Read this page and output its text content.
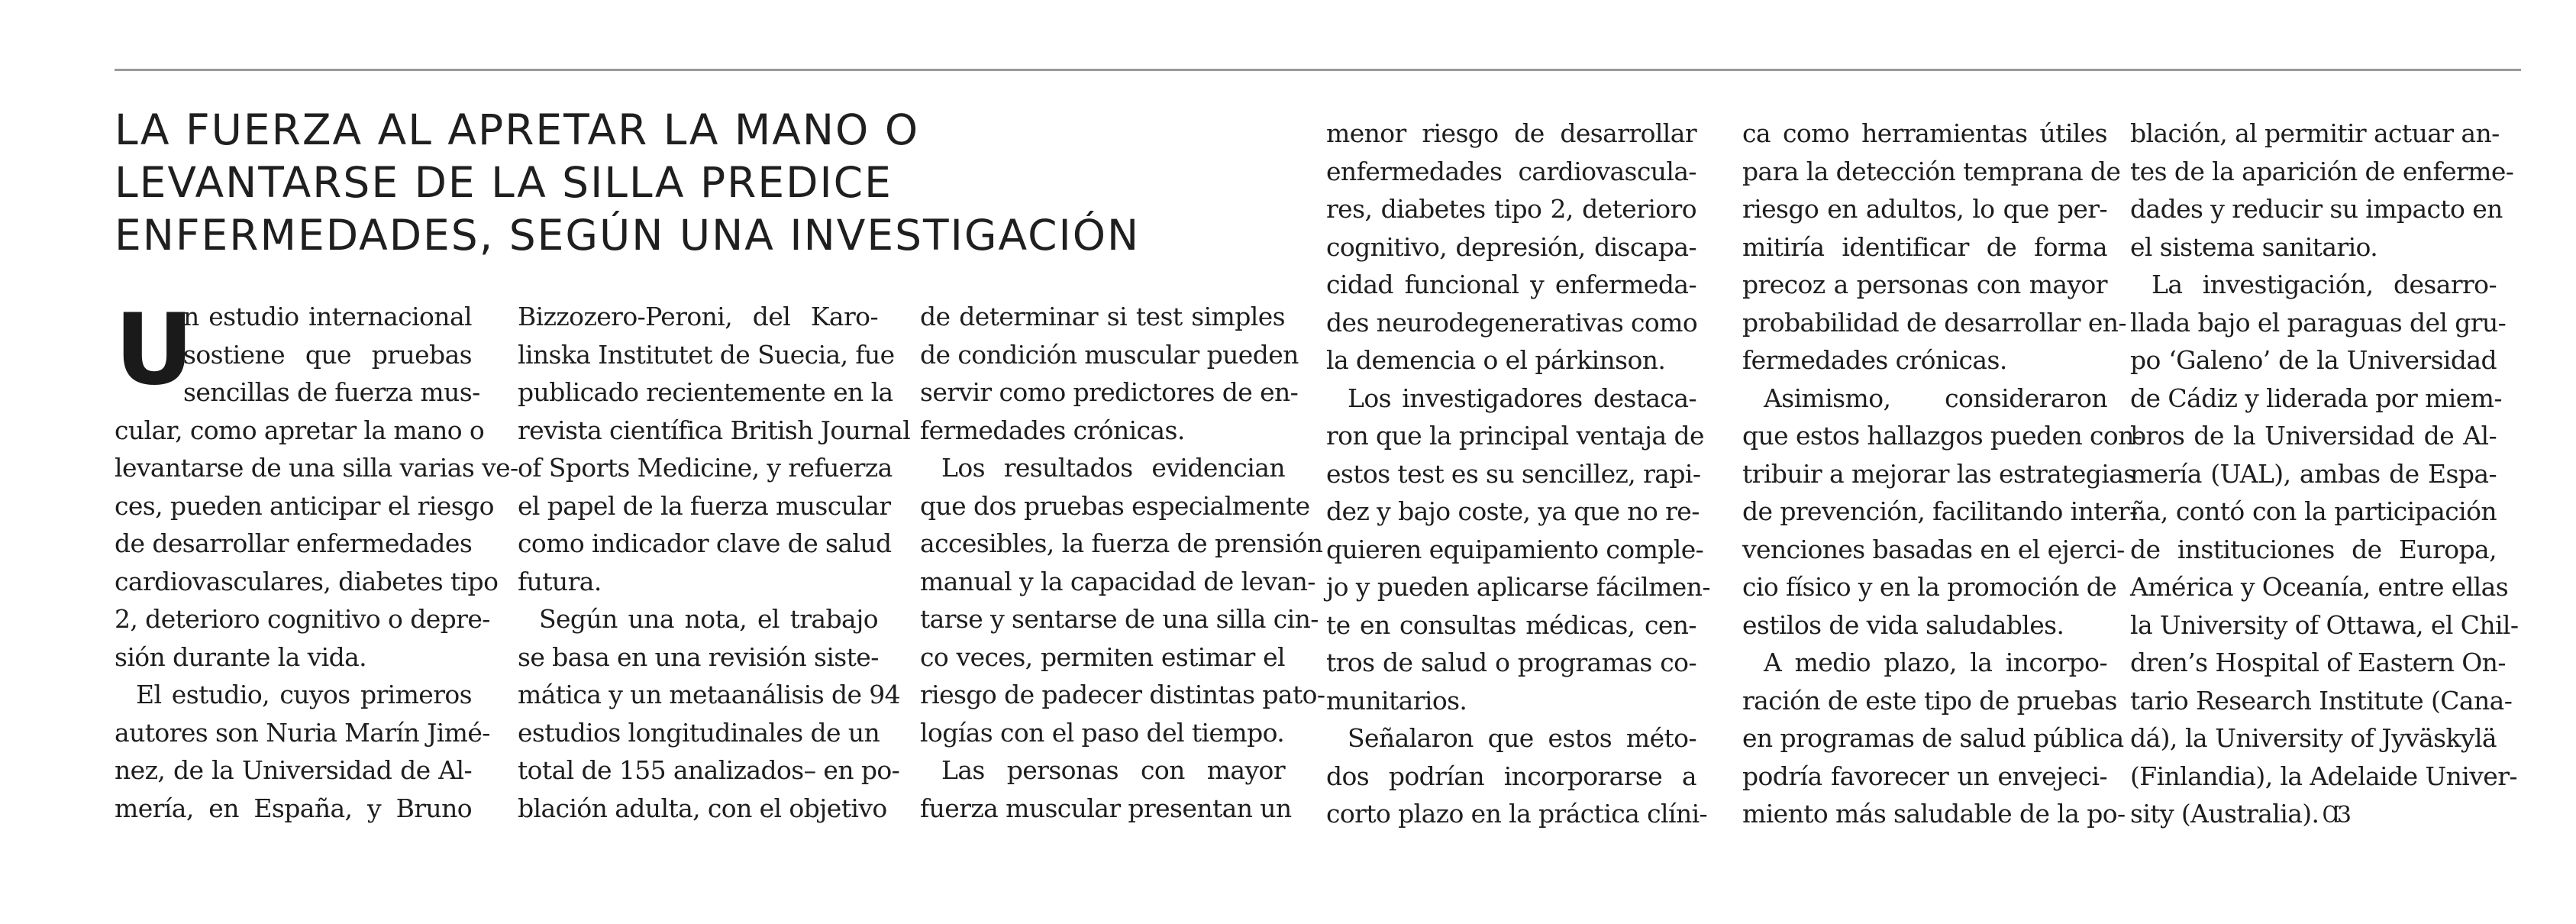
LA FUERZA AL APRETAR LA MANO O
LEVANTARSE DE LA SILLA PREDICE
ENFERMEDADES, SEGÚN UNA INVESTIGACIÓN
U
n estudio internacional
sostiene que pruebas
sencillas de fuerza mus-
cular, como apretar la mano o
levantarse de una silla varias ve-
ces, pueden anticipar el riesgo
de desarrollar enfermedades
cardiovasculares, diabetes tipo
2, deterioro cognitivo o depre-
sión durante la vida.
El estudio, cuyos primeros
autores son Nuria Marín Jimé-
nez, de la Universidad de Al-
mería, en España, y Bruno
Bizzozero-Peroni, del Karo-
linska Institutet de Suecia, fue
publicado recientemente en la
revista científica British Journal
of Sports Medicine, y refuerza
el papel de la fuerza muscular
como indicador clave de salud
futura.
Según una nota, el trabajo
se basa en una revisión siste-
mática y un metaanálisis de 94
estudios longitudinales de un
total de 155 analizados– en po-
blación adulta, con el objetivo
de determinar si test simples
de condición muscular pueden
servir como predictores de en-
fermedades crónicas.
Los resultados evidencian
que dos pruebas especialmente
accesibles, la fuerza de prensión
manual y la capacidad de levan-
tarse y sentarse de una silla cin-
co veces, permiten estimar el
riesgo de padecer distintas pato-
logías con el paso del tiempo.
Las personas con mayor
fuerza muscular presentan un
menor riesgo de desarrollar
enfermedades cardiovascula-
res, diabetes tipo 2, deterioro
cognitivo, depresión, discapa-
cidad funcional y enfermeda-
des neurodegenerativas como
la demencia o el párkinson.
Los investigadores destaca-
ron que la principal ventaja de
estos test es su sencillez, rapi-
dez y bajo coste, ya que no re-
quieren equipamiento comple-
jo y pueden aplicarse fácilmen-
te en consultas médicas, cen-
tros de salud o programas co-
munitarios.
Señalaron que estos méto-
dos podrían incorporarse a
corto plazo en la práctica clíni-
ca como herramientas útiles
para la detección temprana de
riesgo en adultos, lo que per-
mitiría identificar de forma
precoz a personas con mayor
probabilidad de desarrollar en-
fermedades crónicas.
Asimismo, consideraron
que estos hallazgos pueden con-
tribuir a mejorar las estrategias
de prevención, facilitando inter-
venciones basadas en el ejerci-
cio físico y en la promoción de
estilos de vida saludables.
A medio plazo, la incorpo-
ración de este tipo de pruebas
en programas de salud pública
podría favorecer un envejeci-
miento más saludable de la po-
blación, al permitir actuar an-
tes de la aparición de enferme-
dades y reducir su impacto en
el sistema sanitario.
La investigación, desarro-
llada bajo el paraguas del gru-
po ‘Galeno’ de la Universidad
de Cádiz y liderada por miem-
bros de la Universidad de Al-
mería (UAL), ambas de Espa-
ña, contó con la participación
de instituciones de Europa,
América y Oceanía, entre ellas
la University of Ottawa, el Chil-
dren’s Hospital of Eastern On-
tario Research Institute (Cana-
dá), la University of Jyväskylä
(Finlandia), la Adelaide Univer-
sity (Australia). Ɑ3
